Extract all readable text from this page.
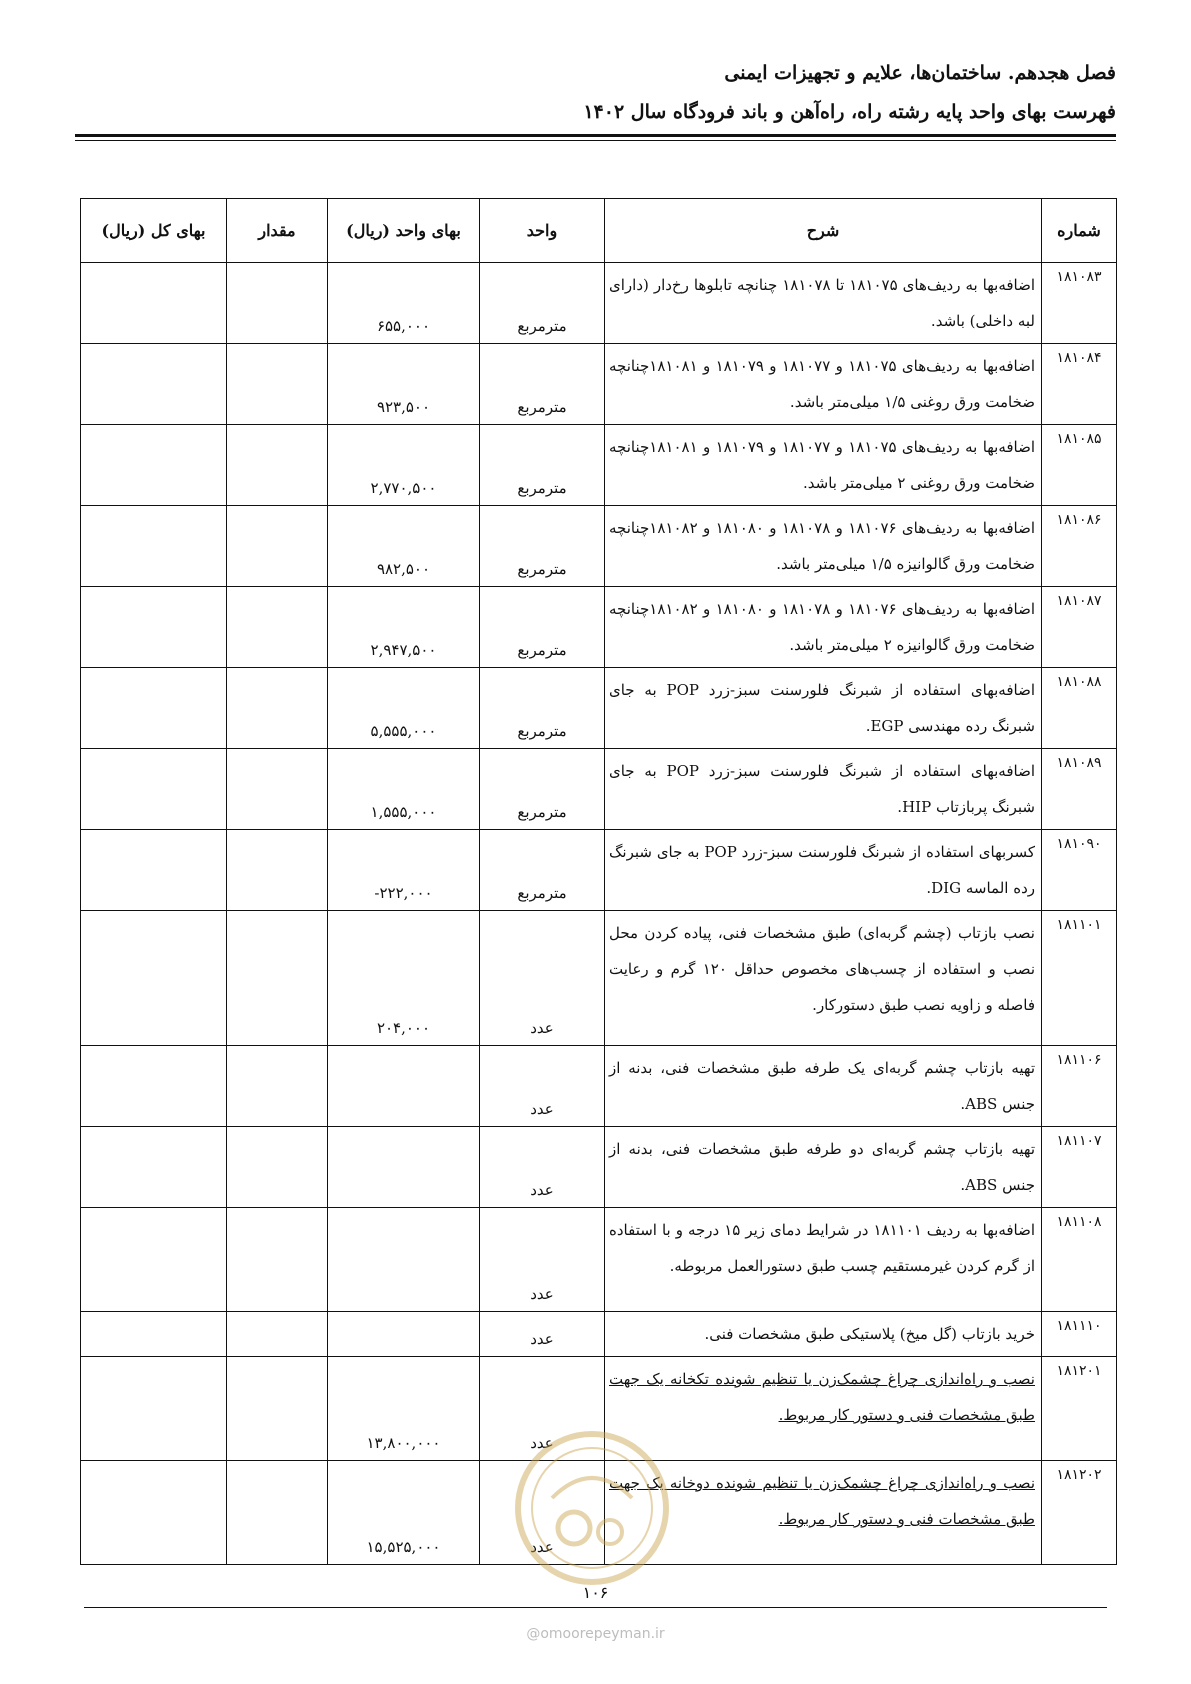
فصل هجدهم. ساختمان‌ها، علایم و تجهیزات ایمنی
فهرست بهای واحد پایه رشته راه، راه‌آهن و باند فرودگاه سال ۱۴۰۲
شماره	شرح	واحد	بهای واحد (ریال)	مقدار	بهای کل (ریال)
۱۸۱۰۸۳	اضافه‌بها به ردیف‌های ۱۸۱۰۷۵ تا ۱۸۱۰۷۸ چنانچه تابلوها رخ‌دار (دارای لبه داخلی) باشد.	مترمربع	۶۵۵,۰۰۰		
۱۸۱۰۸۴	اضافه‌بها به ردیف‌های ۱۸۱۰۷۵ و ۱۸۱۰۷۷ و ۱۸۱۰۷۹ و ۱۸۱۰۸۱چنانچه ضخامت ورق روغنی ۱/۵ میلی‌متر باشد.	مترمربع	۹۲۳,۵۰۰		
۱۸۱۰۸۵	اضافه‌بها به ردیف‌های ۱۸۱۰۷۵ و ۱۸۱۰۷۷ و ۱۸۱۰۷۹ و ۱۸۱۰۸۱چنانچه ضخامت ورق روغنی ۲ میلی‌متر باشد.	مترمربع	۲,۷۷۰,۵۰۰		
۱۸۱۰۸۶	اضافه‌بها به ردیف‌های ۱۸۱۰۷۶ و ۱۸۱۰۷۸ و ۱۸۱۰۸۰ و ۱۸۱۰۸۲چنانچه ضخامت ورق گالوانیزه ۱/۵ میلی‌متر باشد.	مترمربع	۹۸۲,۵۰۰		
۱۸۱۰۸۷	اضافه‌بها به ردیف‌های ۱۸۱۰۷۶ و ۱۸۱۰۷۸ و ۱۸۱۰۸۰ و ۱۸۱۰۸۲چنانچه ضخامت ورق گالوانیزه ۲ میلی‌متر باشد.	مترمربع	۲,۹۴۷,۵۰۰		
۱۸۱۰۸۸	اضافه‌بهای استفاده از شبرنگ فلورسنت سبز-زرد POP به جای شبرنگ رده مهندسی EGP.	مترمربع	۵,۵۵۵,۰۰۰		
۱۸۱۰۸۹	اضافه‌بهای استفاده از شبرنگ فلورسنت سبز-زرد POP به جای شبرنگ پربازتاب HIP.	مترمربع	۱,۵۵۵,۰۰۰		
۱۸۱۰۹۰	کسربهای استفاده از شبرنگ فلورسنت سبز-زرد POP به جای شبرنگ رده الماسه DIG.	مترمربع	-۲۲۲,۰۰۰		
۱۸۱۱۰۱	نصب بازتاب (چشم گربه‌ای) طبق مشخصات فنی، پیاده کردن محل نصب و استفاده از چسب‌های مخصوص حداقل ۱۲۰ گرم و رعایت فاصله و زاویه نصب طبق دستورکار.	عدد	۲۰۴,۰۰۰		
۱۸۱۱۰۶	تهیه بازتاب چشم گربه‌ای یک طرفه طبق مشخصات فنی، بدنه از جنس ABS.	عدد			
۱۸۱۱۰۷	تهیه بازتاب چشم گربه‌ای دو طرفه طبق مشخصات فنی، بدنه از جنس ABS.	عدد			
۱۸۱۱۰۸	اضافه‌بها به ردیف ۱۸۱۱۰۱ در شرایط دمای زیر ۱۵ درجه و با استفاده از گرم کردن غیرمستقیم چسب طبق دستورالعمل مربوطه.	عدد			
۱۸۱۱۱۰	خرید بازتاب (گل میخ) پلاستیکی طبق مشخصات فنی.	عدد			
۱۸۱۲۰۱	نصب و راه‌اندازی چراغ چشمک‌زن یا تنظیم شونده تکخانه یک جهت طبق مشخصات فنی و دستور کار مربوط.	عدد	۱۳,۸۰۰,۰۰۰		
۱۸۱۲۰۲	نصب و راه‌اندازی چراغ چشمک‌زن یا تنظیم شونده دوخانه یک جهت طبق مشخصات فنی و دستور کار مربوط.	عدد	۱۵,۵۲۵,۰۰۰		
۱۰۶
@omoorepeyman.ir
